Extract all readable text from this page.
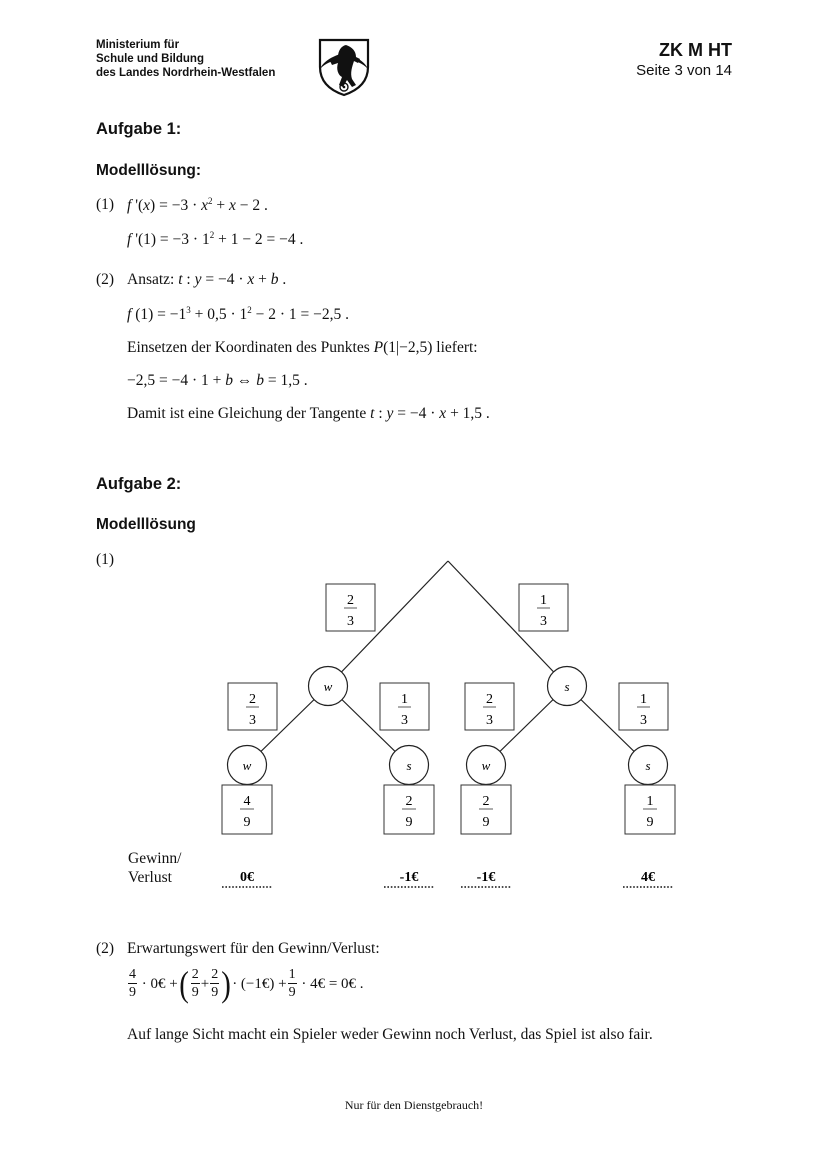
Ministerium für
Schule und Bildung
des Landes Nordrhein-Westfalen
ZK M HT
Seite 3 von 14
Aufgabe 1:
Modelllösung:
(1) f '$(x) = -3 \cdot x^2 + x - 2$ .
f '$(1) = -3 \cdot 1^2 + 1 - 2 = -4$ .
(2) Ansatz: t : y = −4 · x + b .
f $(1) = -1^3 + 0,5 \cdot 1^2 - 2 \cdot 1 = -2,5$ .
Einsetzen der Koordinaten des Punktes P(1|−2,5) liefert:
−2,5 = −4 · 1 + b ⇔ b = 1,5 .
Damit ist eine Gleichung der Tangente t : y = −4 · x + 1,5 .
Aufgabe 2:
Modelllösung
(1)
2
3
1
3
2
3
1
3
2
3
1
3
w	s
w	s	w	s
4
9
2
9
2
9
1
9
0€	-1€	-1€	4€
Gewinn/
Verlust
(2) Erwartungswert für den Gewinn/Verlust:
$\frac{4}{9}$ · 0€ + ( $\frac{2}{9} + \frac{2}{9}$ ) · (−1€) + $\frac{1}{9}$ · 4€ = 0€ .
Auf lange Sicht macht ein Spieler weder Gewinn noch Verlust, das Spiel ist also fair.
Nur für den Dienstgebrauch!
